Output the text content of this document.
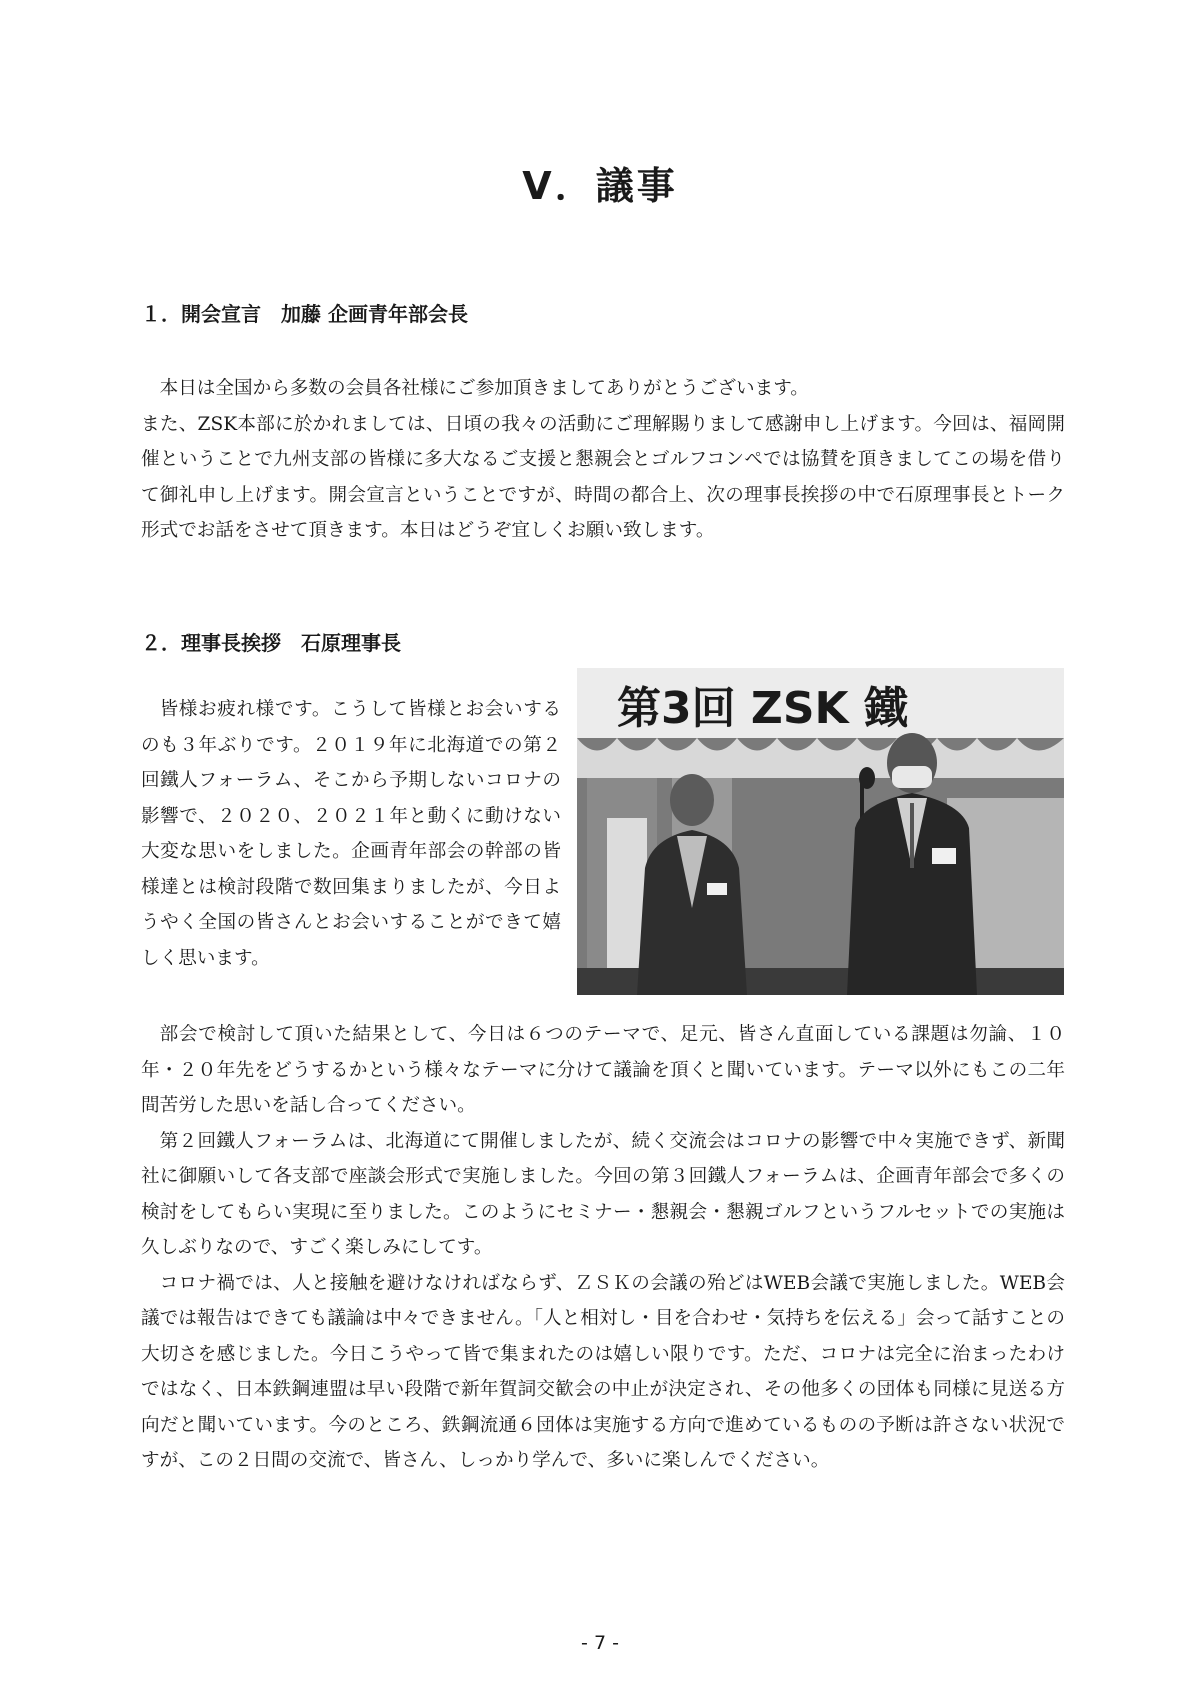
V．議事
１．開会宣言　加藤 企画青年部会長
本日は全国から多数の会員各社様にご参加頂きましてありがとうございます。
また、ZSK本部に於かれましては、日頃の我々の活動にご理解賜りまして感謝申し上げます。今回は、福岡開催ということで九州支部の皆様に多大なるご支援と懇親会とゴルフコンペでは協賛を頂きましてこの場を借りて御礼申し上げます。開会宣言ということですが、時間の都合上、次の理事長挨拶の中で石原理事長とトーク形式でお話をさせて頂きます。本日はどうぞ宜しくお願い致します。
２．理事長挨拶　石原理事長

皆様お疲れ様です。こうして皆様とお会いするのも３年ぶりです。２０１９年に北海道での第２回鐵人フォーラム、そこから予期しないコロナの影響で、２０２０、２０２１年と動くに動けない大変な思いをしました。企画青年部会の幹部の皆様達とは検討段階で数回集まりましたが、今日ようやく全国の皆さんとお会いすることができて嬉しく思います。

第3回 ZSK 鐵
部会で検討して頂いた結果として、今日は６つのテーマで、足元、皆さん直面している課題は勿論、１０年・２０年先をどうするかという様々なテーマに分けて議論を頂くと聞いています。テーマ以外にもこの二年間苦労した思いを話し合ってください。
第２回鐵人フォーラムは、北海道にて開催しましたが、続く交流会はコロナの影響で中々実施できず、新聞社に御願いして各支部で座談会形式で実施しました。今回の第３回鐵人フォーラムは、企画青年部会で多くの検討をしてもらい実現に至りました。このようにセミナー・懇親会・懇親ゴルフというフルセットでの実施は久しぶりなので、すごく楽しみにしてす。
コロナ禍では、人と接触を避けなければならず、ＺＳＫの会議の殆どはWEB会議で実施しました。WEB会議では報告はできても議論は中々できません。「人と相対し・目を合わせ・気持ちを伝える」会って話すことの大切さを感じました。今日こうやって皆で集まれたのは嬉しい限りです。ただ、コロナは完全に治まったわけではなく、日本鉄鋼連盟は早い段階で新年賀詞交歓会の中止が決定され、その他多くの団体も同様に見送る方向だと聞いています。今のところ、鉄鋼流通６団体は実施する方向で進めているものの予断は許さない状況ですが、この２日間の交流で、皆さん、しっかり学んで、多いに楽しんでください。
- 7 -
